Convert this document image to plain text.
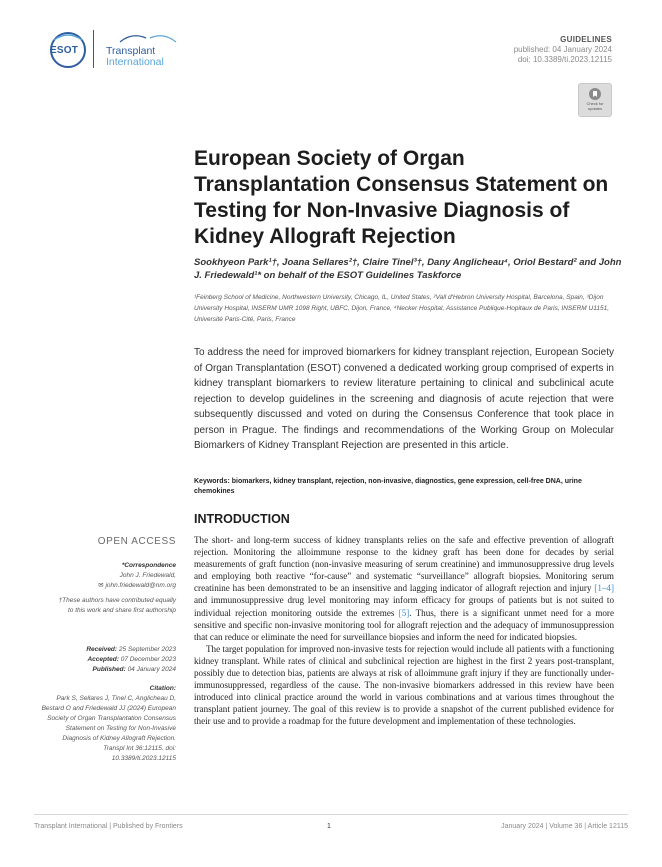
ESOT	Transplant
International
GUIDELINES
published: 04 January 2024
doi: 10.3389/ti.2023.12115
Check for updates
European Society of Organ Transplantation Consensus Statement on Testing for Non-Invasive Diagnosis of Kidney Allograft Rejection
Sookhyeon Park¹†, Joana Sellares²†, Claire Tinel³†, Dany Anglicheau⁴, Oriol Bestard² and John J. Friedewald¹* on behalf of the ESOT Guidelines Taskforce
¹Feinberg School of Medicine, Northwestern University, Chicago, IL, United States, ²Vall d'Hebron University Hospital, Barcelona, Spain, ³Dijon University Hospital, INSERM UMR 1098 Right, UBFC, Dijon, France, ⁴Necker Hospital, Assistance Publique-Hopitaux de Paris, INSERM U1151, Université Paris-Cité, Paris, France
To address the need for improved biomarkers for kidney transplant rejection, European Society of Organ Transplantation (ESOT) convened a dedicated working group comprised of experts in kidney transplant biomarkers to review literature pertaining to clinical and subclinical acute rejection to develop guidelines in the screening and diagnosis of acute rejection that were subsequently discussed and voted on during the Consensus Conference that took place in person in Prague. The findings and recommendations of the Working Group on Molecular Biomarkers of Kidney Transplant Rejection are presented in this article.
Keywords: biomarkers, kidney transplant, rejection, non-invasive, diagnostics, gene expression, cell-free DNA, urine chemokines
INTRODUCTION

The short- and long-term success of kidney transplants relies on the safe and effective prevention of allograft rejection. Monitoring the alloimmune response to the kidney graft has been done for decades by serial measurements of graft function (non-invasive measuring of serum creatinine) and immunosuppressive drug levels and employing both reactive “for-cause” and systematic “surveillance” allograft biopsies. Monitoring serum creatinine has been demonstrated to be an insensitive and lagging indicator of allograft rejection and injury [1–4] and immunosuppressive drug level monitoring may inform efficacy for groups of patients but is not suited to individual rejection monitoring outside the extremes [5]. Thus, there is a significant unmet need for a more sensitive and specific non-invasive monitoring tool for allograft rejection and the adequacy of immunosuppression that can reduce or eliminate the need for surveillance biopsies and inform the need for indicated biopsies.

The target population for improved non-invasive tests for rejection would include all patients with a functioning kidney transplant. While rates of clinical and subclinical rejection are highest in the first 2 years post-transplant, possibly due to detection bias, patients are always at risk of alloimmune graft injury if they are functionally under-immunosuppressed, regardless of the cause. The non-invasive biomarkers addressed in this review have been introduced into clinical practice around the world in various combinations and at various times throughout the transplant patient journey. The goal of this review is to provide a snapshot of the current published evidence for their use and to provide a roadmap for the future development and implementation of these technologies.

OPEN ACCESS
*Correspondence
John J. Friedewald,
✉ john.friedewald@nm.org
†These authors have contributed equally to this work and share first authorship
Received: 25 September 2023
Accepted: 07 December 2023
Published: 04 January 2024
Citation:
Park S, Sellares J, Tinel C, Anglicheau D, Bestard O and Friedewald JJ (2024) European Society of Organ Transplantation Consensus Statement on Testing for Non-Invasive Diagnosis of Kidney Allograft Rejection. Transpl Int 36:12115. doi: 10.3389/ti.2023.12115
Transplant International | Published by Frontiers	1	January 2024 | Volume 36 | Article 12115
